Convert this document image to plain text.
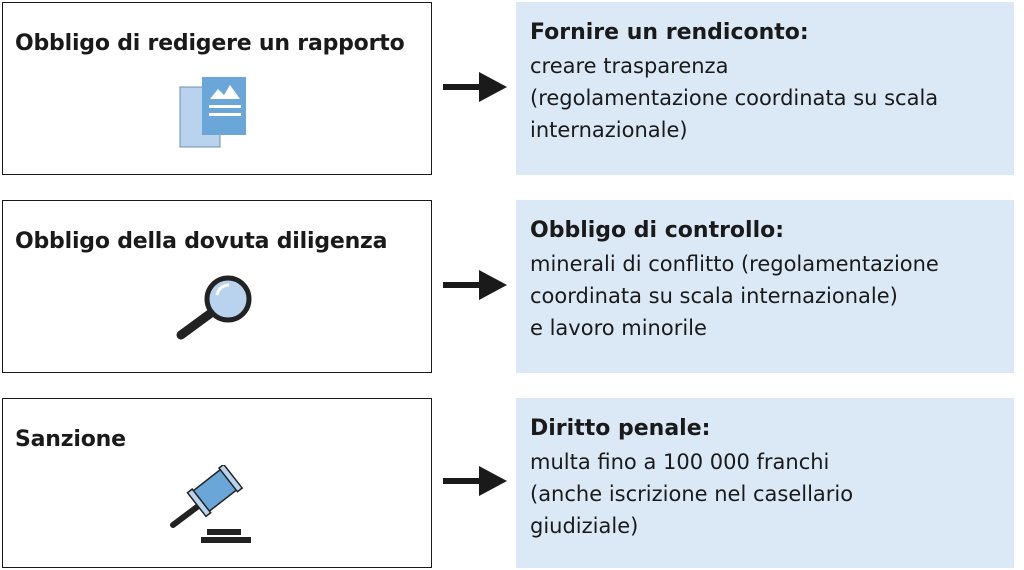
Obbligo di redigere un rapporto	Fornire un rendiconto:
creare trasparenza
(regolamentazione coordinata su scala
internazionale)
Obbligo della dovuta diligenza	Obbligo di controllo:
minerali di conflitto (regolamentazione
coordinata su scala internazionale)
e lavoro minorile
Sanzione	Diritto penale:
multa fino a 100 000 franchi
(anche iscrizione nel casellario
giudiziale)
